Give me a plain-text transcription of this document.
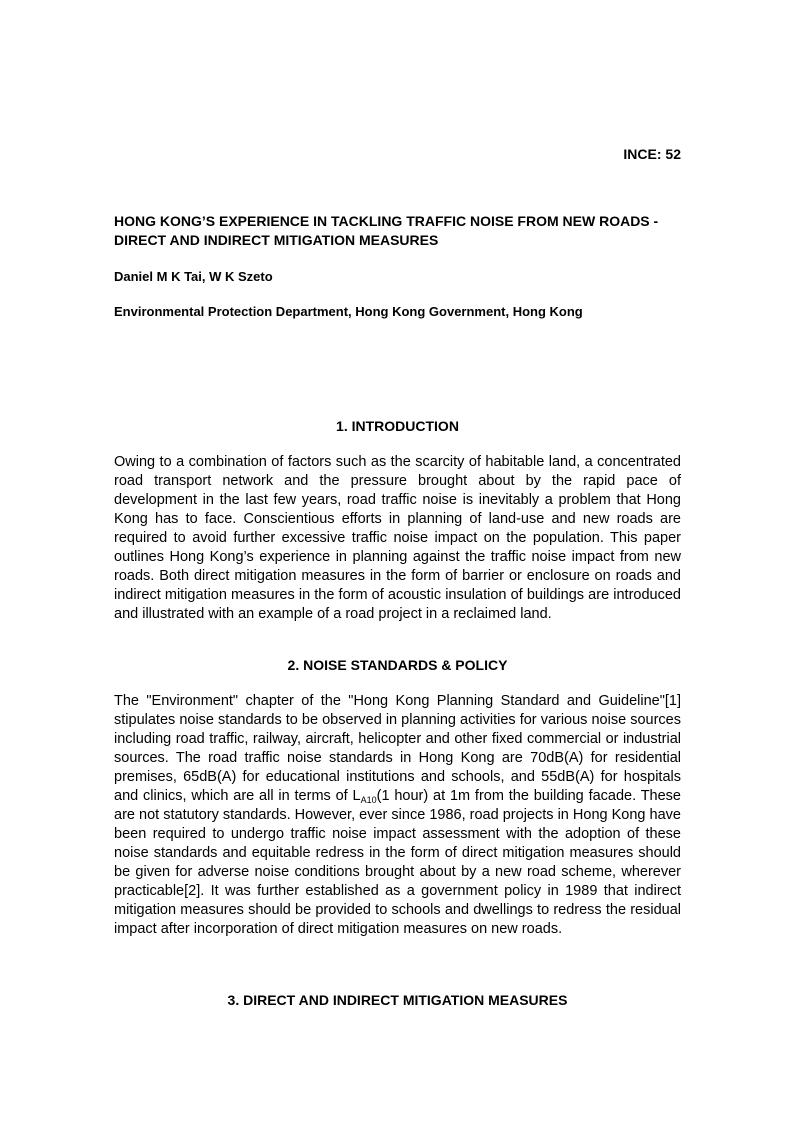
INCE: 52
HONG KONG’S EXPERIENCE IN TACKLING TRAFFIC NOISE FROM NEW ROADS - DIRECT AND INDIRECT MITIGATION MEASURES
Daniel M K Tai, W K Szeto
Environmental Protection Department, Hong Kong Government, Hong Kong
1. INTRODUCTION

Owing to a combination of factors such as the scarcity of habitable land, a concentrated road transport network and the pressure brought about by the rapid pace of development in the last few years, road traffic noise is inevitably a problem that Hong Kong has to face. Conscientious efforts in planning of land-use and new roads are required to avoid further excessive traffic noise impact on the population. This paper outlines Hong Kong’s experience in planning against the traffic noise impact from new roads. Both direct mitigation measures in the form of barrier or enclosure on roads and indirect mitigation measures in the form of acoustic insulation of buildings are introduced and illustrated with an example of a road project in a reclaimed land.

2. NOISE STANDARDS & POLICY

The "Environment" chapter of the "Hong Kong Planning Standard and Guideline"[1] stipulates noise standards to be observed in planning activities for various noise sources including road traffic, railway, aircraft, helicopter and other fixed commercial or industrial sources. The road traffic noise standards in Hong Kong are 70dB(A) for residential premises, 65dB(A) for educational institutions and schools, and 55dB(A) for hospitals and clinics, which are all in terms of $L_{A10}(1$ hour) at 1m from the building facade. These are not statutory standards. However, ever since 1986, road projects in Hong Kong have been required to undergo traffic noise impact assessment with the adoption of these noise standards and equitable redress in the form of direct mitigation measures should be given for adverse noise conditions brought about by a new road scheme, wherever practicable[2]. It was further established as a government policy in 1989 that indirect mitigation measures should be provided to schools and dwellings to redress the residual impact after incorporation of direct mitigation measures on new roads.

3. DIRECT AND INDIRECT MITIGATION MEASURES
